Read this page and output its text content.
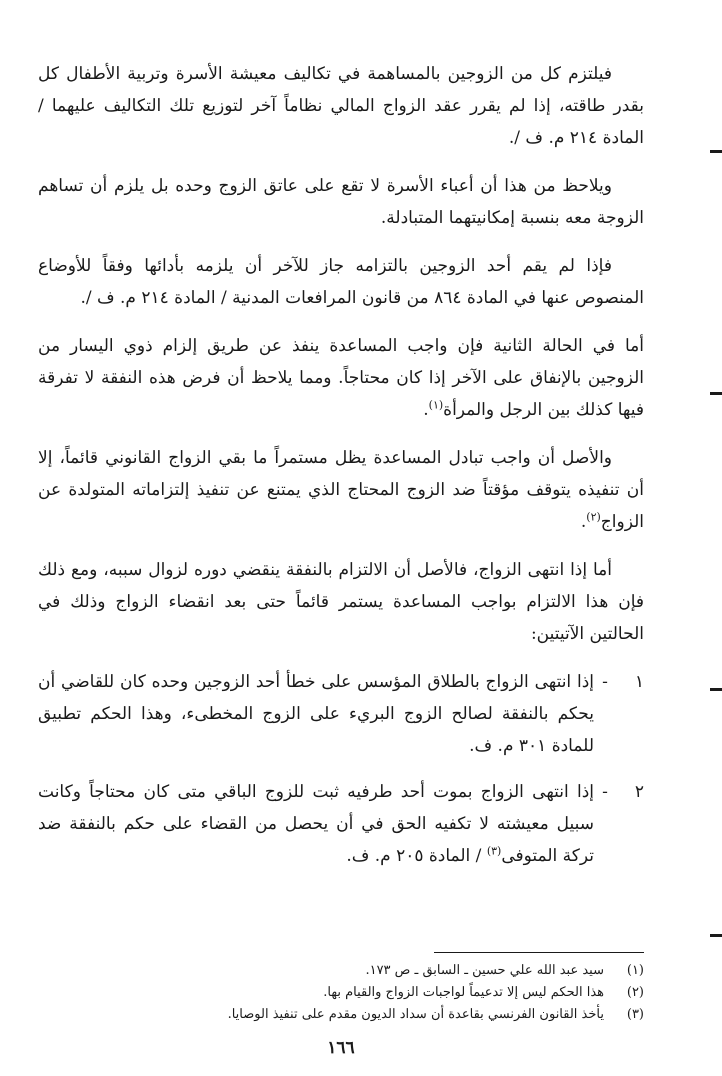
فيلتزم كل من الزوجين بالمساهمة في تكاليف معيشة الأسرة وتربية الأطفال كل بقدر طاقته، إذا لم يقرر عقد الزواج المالي نظاماً آخر لتوزيع تلك التكاليف عليهما / المادة ٢١٤ م. ف /.

ويلاحظ من هذا أن أعباء الأسرة لا تقع على عاتق الزوج وحده بل يلزم أن تساهم الزوجة معه بنسبة إمكانيتهما المتبادلة.

فإذا لم يقم أحد الزوجين بالتزامه جاز للآخر أن يلزمه بأدائها وفقاً للأوضاع المنصوص عنها في المادة ٨٦٤ من قانون المرافعات المدنية / المادة ٢١٤ م. ف /.

أما في الحالة الثانية فإن واجب المساعدة ينفذ عن طريق إلزام ذوي اليسار من الزوجين بالإنفاق على الآخر إذا كان محتاجاً. ومما يلاحظ أن فرض هذه النفقة لا تفرقة فيها كذلك بين الرجل والمرأة$^{(١)}$.

والأصل أن واجب تبادل المساعدة يظل مستمراً ما بقي الزواج القانوني قائماً، إلا أن تنفيذه يتوقف مؤقتاً ضد الزوج المحتاج الذي يمتنع عن تنفيذ إلتزاماته المتولدة عن الزواج$^{(٢)}$.

أما إذا انتهى الزواج، فالأصل أن الالتزام بالنفقة ينقضي دوره لزوال سببه، ومع ذلك فإن هذا الالتزام بواجب المساعدة يستمر قائماً حتى بعد انقضاء الزواج وذلك في الحالتين الآتيتين:

١
-
إذا انتهى الزواج بالطلاق المؤسس على خطأ أحد الزوجين وحده كان للقاضي أن يحكم بالنفقة لصالح الزوج البريء على الزوج المخطىء، وهذا الحكم تطبيق للمادة ٣٠١ م. ف.
٢
-
إذا انتهى الزواج بموت أحد طرفيه ثبت للزوج الباقي متى كان محتاجاً وكانت سبيل معيشته لا تكفيه الحق في أن يحصل من القضاء على حكم بالنفقة ضد تركة المتوفى$^{(٣)}$ / المادة ٢٠٥ م. ف.
(١)
سيد عبد الله علي حسين ـ السابق ـ ص ١٧٣.
(٢)
هذا الحكم ليس إلا تدعيماً لواجبات الزواج والقيام بها.
(٣)
يأخذ القانون الفرنسي بقاعدة أن سداد الديون مقدم على تنفيذ الوصايا.
١٦٦
